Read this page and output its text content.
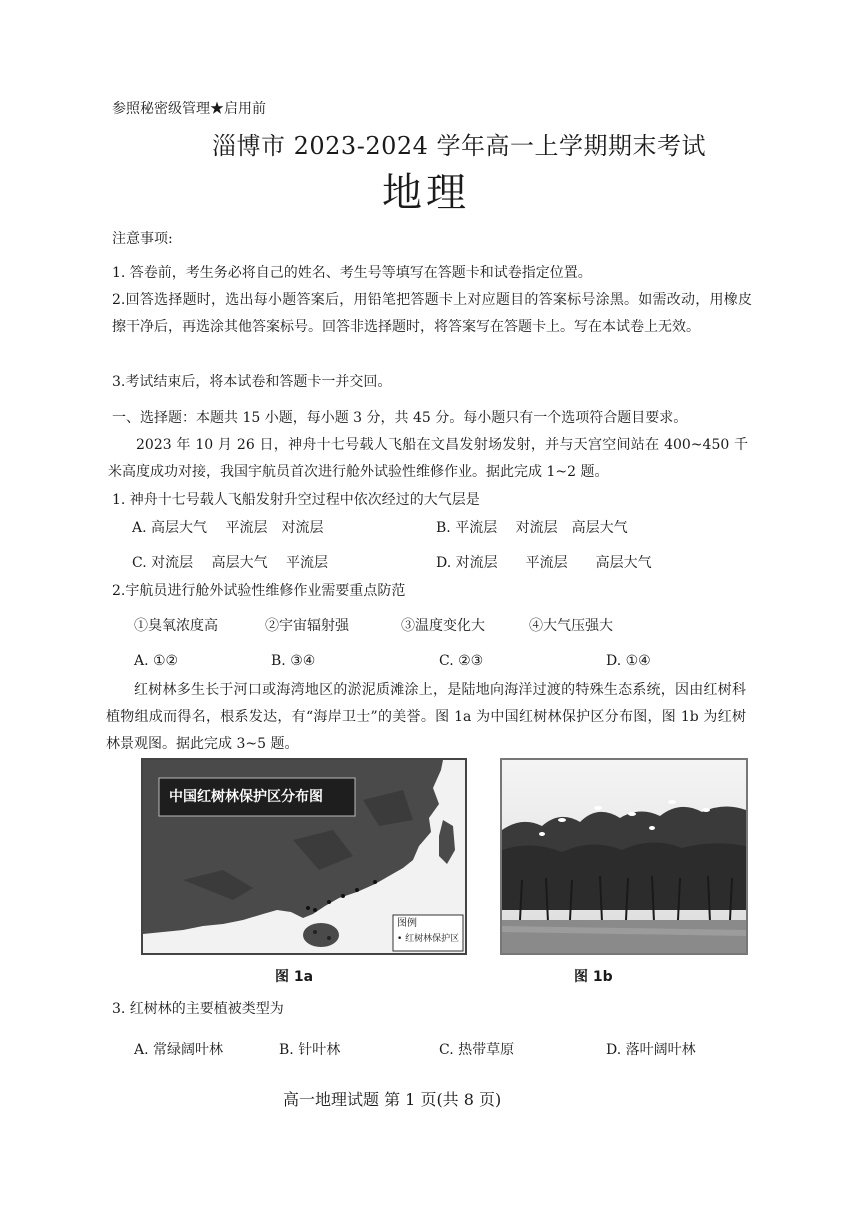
参照秘密级管理★启用前
淄博市 2023-2024 学年高一上学期期末考试
地理
注意事项:
1. 答卷前，考生务必将自己的姓名、考生号等填写在答题卡和试卷指定位置。
2.回答选择题时，选出每小题答案后，用铅笔把答题卡上对应题目的答案标号涂黑。如需改动，用橡皮擦干净后，再选涂其他答案标号。回答非选择题时，将答案写在答题卡上。写在本试卷上无效。
3.考试结束后，将本试卷和答题卡一并交回。
一、选择题：本题共 15 小题，每小题 3 分，共 45 分。每小题只有一个选项符合题目要求。
2023 年 10 月 26 日，神舟十七号载人飞船在文昌发射场发射，并与天宫空间站在 400~450 千米高度成功对接，我国宇航员首次进行舱外试验性维修作业。据此完成 1~2 题。
1. 神舟十七号载人飞船发射升空过程中依次经过的大气层是
A. 高层大气　 平流层　对流层	B. 平流层　 对流层　高层大气
C. 对流层　 高层大气　 平流层	D. 对流层　　平流层　　高层大气
2.宇航员进行舱外试验性维修作业需要重点防范
①臭氧浓度高	②宇宙辐射强	③温度变化大	④大气压强大
A. ①②	B. ③④	C. ②③	D. ①④
红树林多生长于河口或海湾地区的淤泥质滩涂上，是陆地向海洋过渡的特殊生态系统，因由红树科植物组成而得名，根系发达，有“海岸卫士”的美誉。图 1a 为中国红树林保护区分布图，图 1b 为红树林景观图。据此完成 3~5 题。
中国红树林保护区分布图
图例
• 红树林保护区
图 1a	图 1b
3. 红树林的主要植被类型为
A. 常绿阔叶林	B. 针叶林	C. 热带草原	D. 落叶阔叶林
高一地理试题 第 1 页(共 8 页)
